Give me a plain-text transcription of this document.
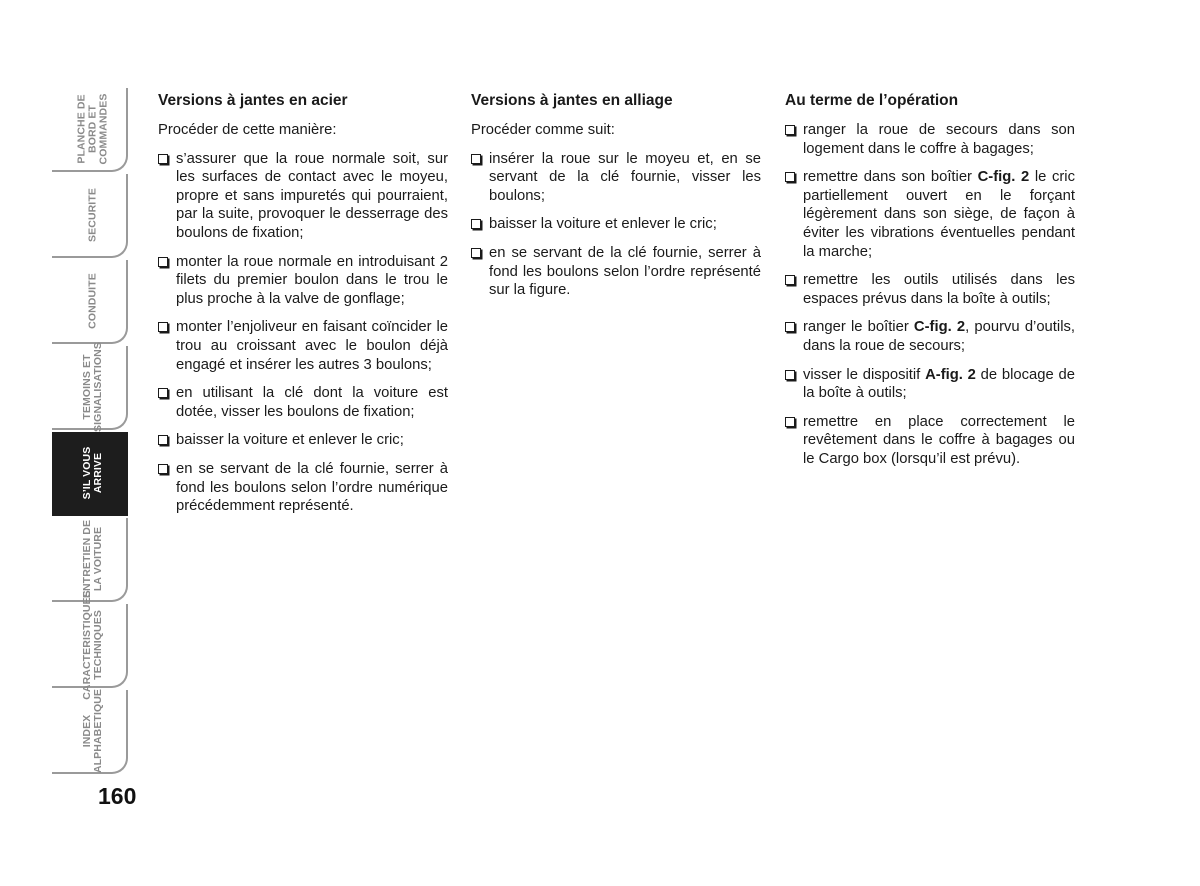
PLANCHE DE
BORD ET
COMMANDES
SECURITE
CONDUITE
TEMOINS ET
SIGNALISATIONS
S’IL VOUS
ARRIVE
ENTRETIEN DE
LA VOITURE
CARACTERISTIQUES
TECHNIQUES
INDEX
ALPHABETIQUE
160
Versions à jantes en acier

Procéder de cette manière:

s’assurer que la roue normale soit, sur les surfaces de contact avec le moyeu, propre et sans impuretés qui pourraient, par la suite, provoquer le desserrage des boulons de fixation;
monter la roue normale en introduisant 2 filets du premier boulon dans le trou le plus proche à la valve de gonflage;
monter l’enjoliveur en faisant coïncider le trou au croissant avec le boulon déjà engagé et insérer les autres 3 boulons;
en utilisant la clé dont la voiture est dotée, visser les boulons de fixation;
baisser la voiture et enlever le cric;
en se servant de la clé fournie, serrer à fond les boulons selon l’ordre numérique précédemment représenté.
Versions à jantes en alliage

Procéder comme suit:

insérer la roue sur le moyeu et, en se servant de la clé fournie, visser les boulons;
baisser la voiture et enlever le cric;
en se servant de la clé fournie, serrer à fond les boulons selon l’ordre représenté sur la figure.
Au terme de l’opération
ranger la roue de secours dans son logement dans le coffre à bagages;
remettre dans son boîtier C-fig. 2 le cric partiellement ouvert en le forçant légèrement dans son siège, de façon à éviter les vibrations éventuelles pendant la marche;
remettre les outils utilisés dans les espaces prévus dans la boîte à outils;
ranger le boîtier C-fig. 2, pourvu d’outils, dans la roue de secours;
visser le dispositif A-fig. 2 de blocage de la boîte à outils;
remettre en place correctement le revêtement dans le coffre à bagages ou le Cargo box (lorsqu’il est prévu).
